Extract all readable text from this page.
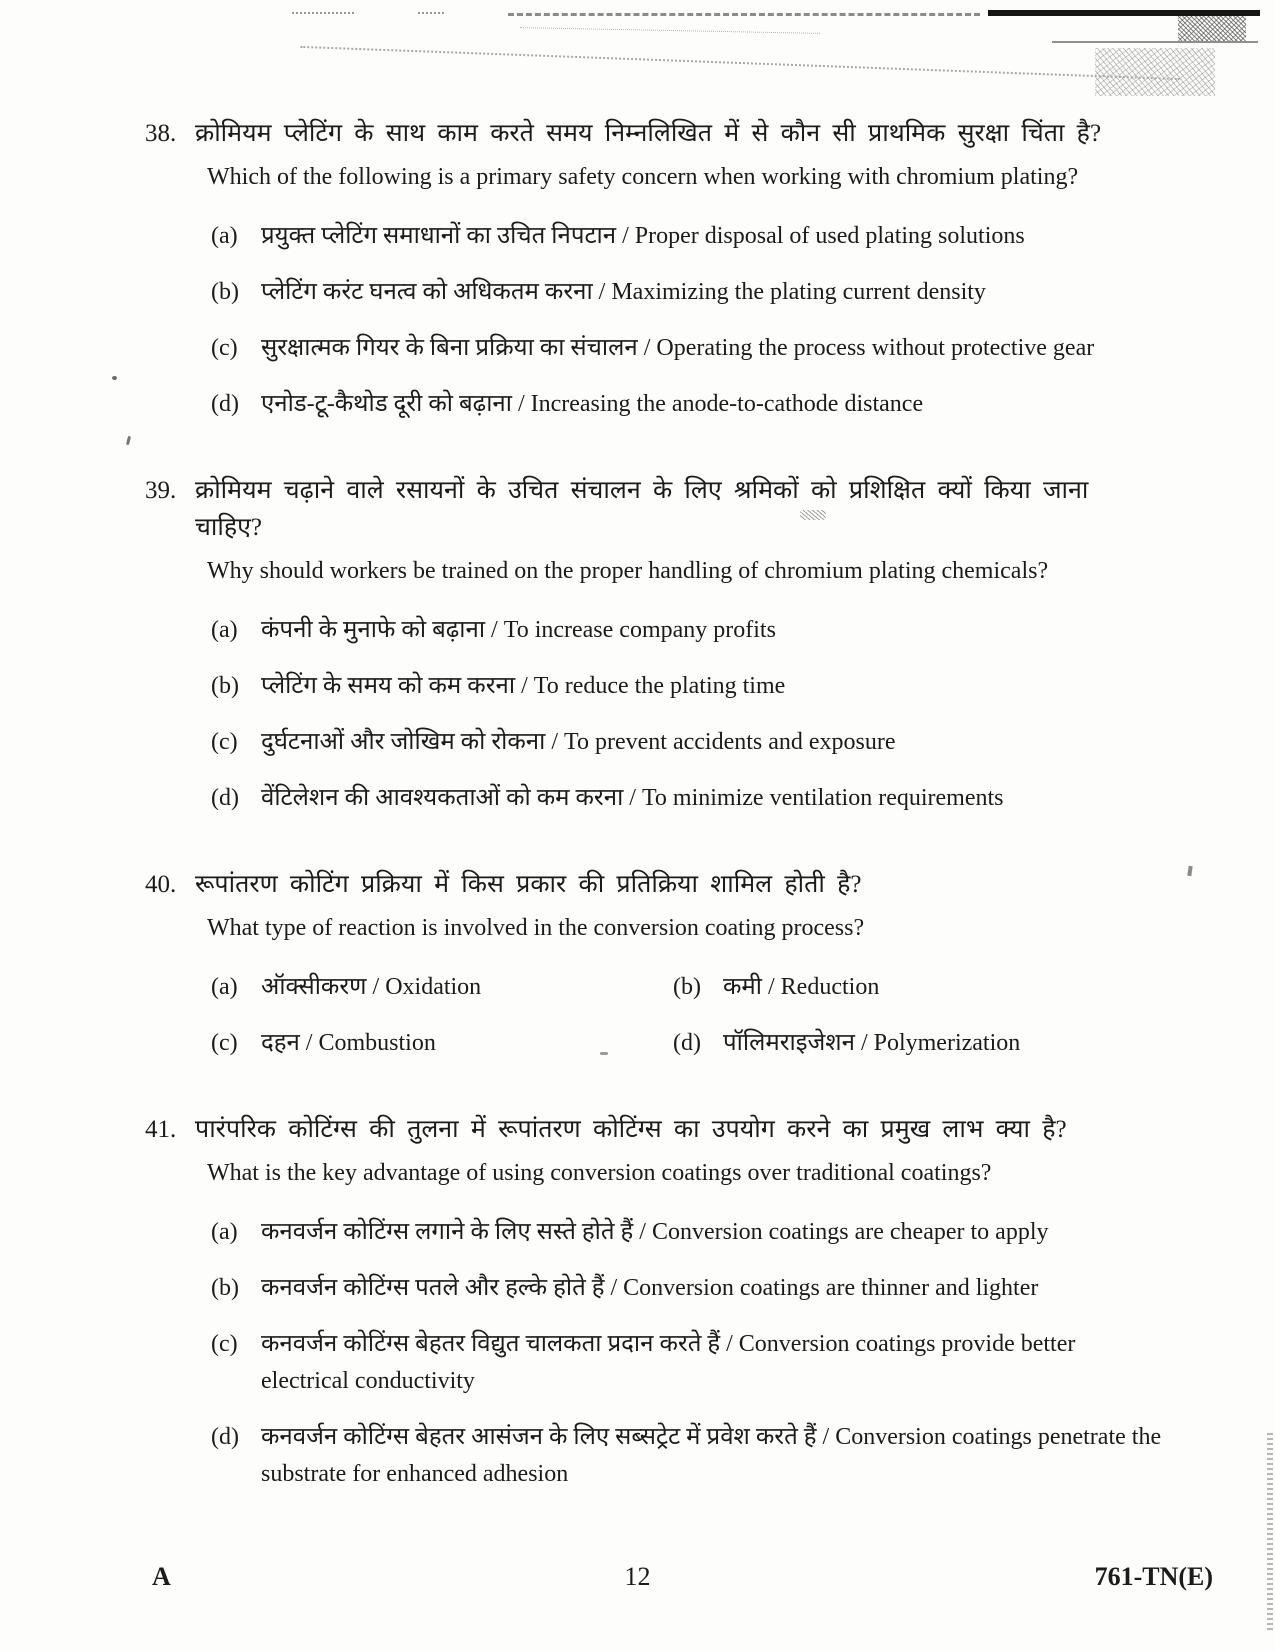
38. क्रोमियम प्लेटिंग के साथ काम करते समय निम्नलिखित में से कौन सी प्राथमिक सुरक्षा चिंता है?
Which of the following is a primary safety concern when working with chromium plating?
(a) प्रयुक्त प्लेटिंग समाधानों का उचित निपटान / Proper disposal of used plating solutions
(b) प्लेटिंग करंट घनत्व को अधिकतम करना / Maximizing the plating current density
(c) सुरक्षात्मक गियर के बिना प्रक्रिया का संचालन / Operating the process without protective gear
(d) एनोड-टू-कैथोड दूरी को बढ़ाना / Increasing the anode-to-cathode distance
39. क्रोमियम चढ़ाने वाले रसायनों के उचित संचालन के लिए श्रमिकों को प्रशिक्षित क्यों किया जाना चाहिए?
Why should workers be trained on the proper handling of chromium plating chemicals?
(a) कंपनी के मुनाफे को बढ़ाना / To increase company profits
(b) प्लेटिंग के समय को कम करना / To reduce the plating time
(c) दुर्घटनाओं और जोखिम को रोकना / To prevent accidents and exposure
(d) वेंटिलेशन की आवश्यकताओं को कम करना / To minimize ventilation requirements
40. रूपांतरण कोटिंग प्रक्रिया में किस प्रकार की प्रतिक्रिया शामिल होती है?
What type of reaction is involved in the conversion coating process?
(a) ऑक्सीकरण / Oxidation	(b) कमी / Reduction
(c) दहन / Combustion	(d) पॉलिमराइजेशन / Polymerization
41. पारंपरिक कोटिंग्स की तुलना में रूपांतरण कोटिंग्स का उपयोग करने का प्रमुख लाभ क्या है?
What is the key advantage of using conversion coatings over traditional coatings?
(a) कनवर्जन कोटिंग्स लगाने के लिए सस्ते होते हैं / Conversion coatings are cheaper to apply
(b) कनवर्जन कोटिंग्स पतले और हल्के होते हैं / Conversion coatings are thinner and lighter
(c) कनवर्जन कोटिंग्स बेहतर विद्युत चालकता प्रदान करते हैं / Conversion coatings provide better electrical conductivity
(d) कनवर्जन कोटिंग्स बेहतर आसंजन के लिए सब्सट्रेट में प्रवेश करते हैं / Conversion coatings penetrate the substrate for enhanced adhesion
A	12	761-TN(E)
